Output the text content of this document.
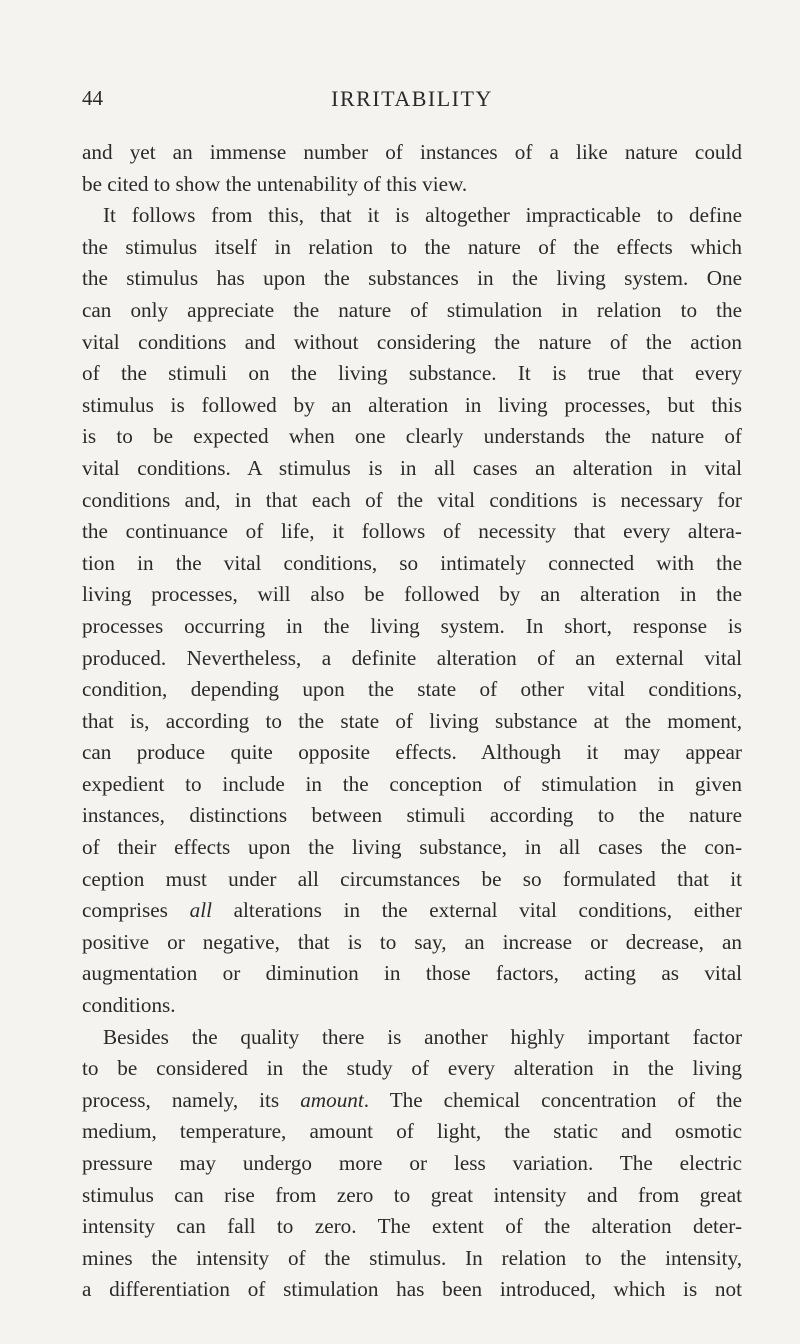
44	IRRITABILITY
and yet an immense number of instances of a like nature could
be cited to show the untenability of this view.
It follows from this, that it is altogether impracticable to define
the stimulus itself in relation to the nature of the effects which
the stimulus has upon the substances in the living system. One
can only appreciate the nature of stimulation in relation to the
vital conditions and without considering the nature of the action
of the stimuli on the living substance. It is true that every
stimulus is followed by an alteration in living processes, but this
is to be expected when one clearly understands the nature of
vital conditions. A stimulus is in all cases an alteration in vital
conditions and, in that each of the vital conditions is necessary for
the continuance of life, it follows of necessity that every altera-
tion in the vital conditions, so intimately connected with the
living processes, will also be followed by an alteration in the
processes occurring in the living system. In short, response is
produced. Nevertheless, a definite alteration of an external vital
condition, depending upon the state of other vital conditions,
that is, according to the state of living substance at the moment,
can produce quite opposite effects. Although it may appear
expedient to include in the conception of stimulation in given
instances, distinctions between stimuli according to the nature
of their effects upon the living substance, in all cases the con-
ception must under all circumstances be so formulated that it
comprises all alterations in the external vital conditions, either
positive or negative, that is to say, an increase or decrease, an
augmentation or diminution in those factors, acting as vital
conditions.
Besides the quality there is another highly important factor
to be considered in the study of every alteration in the living
process, namely, its amount. The chemical concentration of the
medium, temperature, amount of light, the static and osmotic
pressure may undergo more or less variation. The electric
stimulus can rise from zero to great intensity and from great
intensity can fall to zero. The extent of the alteration deter-
mines the intensity of the stimulus. In relation to the intensity,
a differentiation of stimulation has been introduced, which is not
